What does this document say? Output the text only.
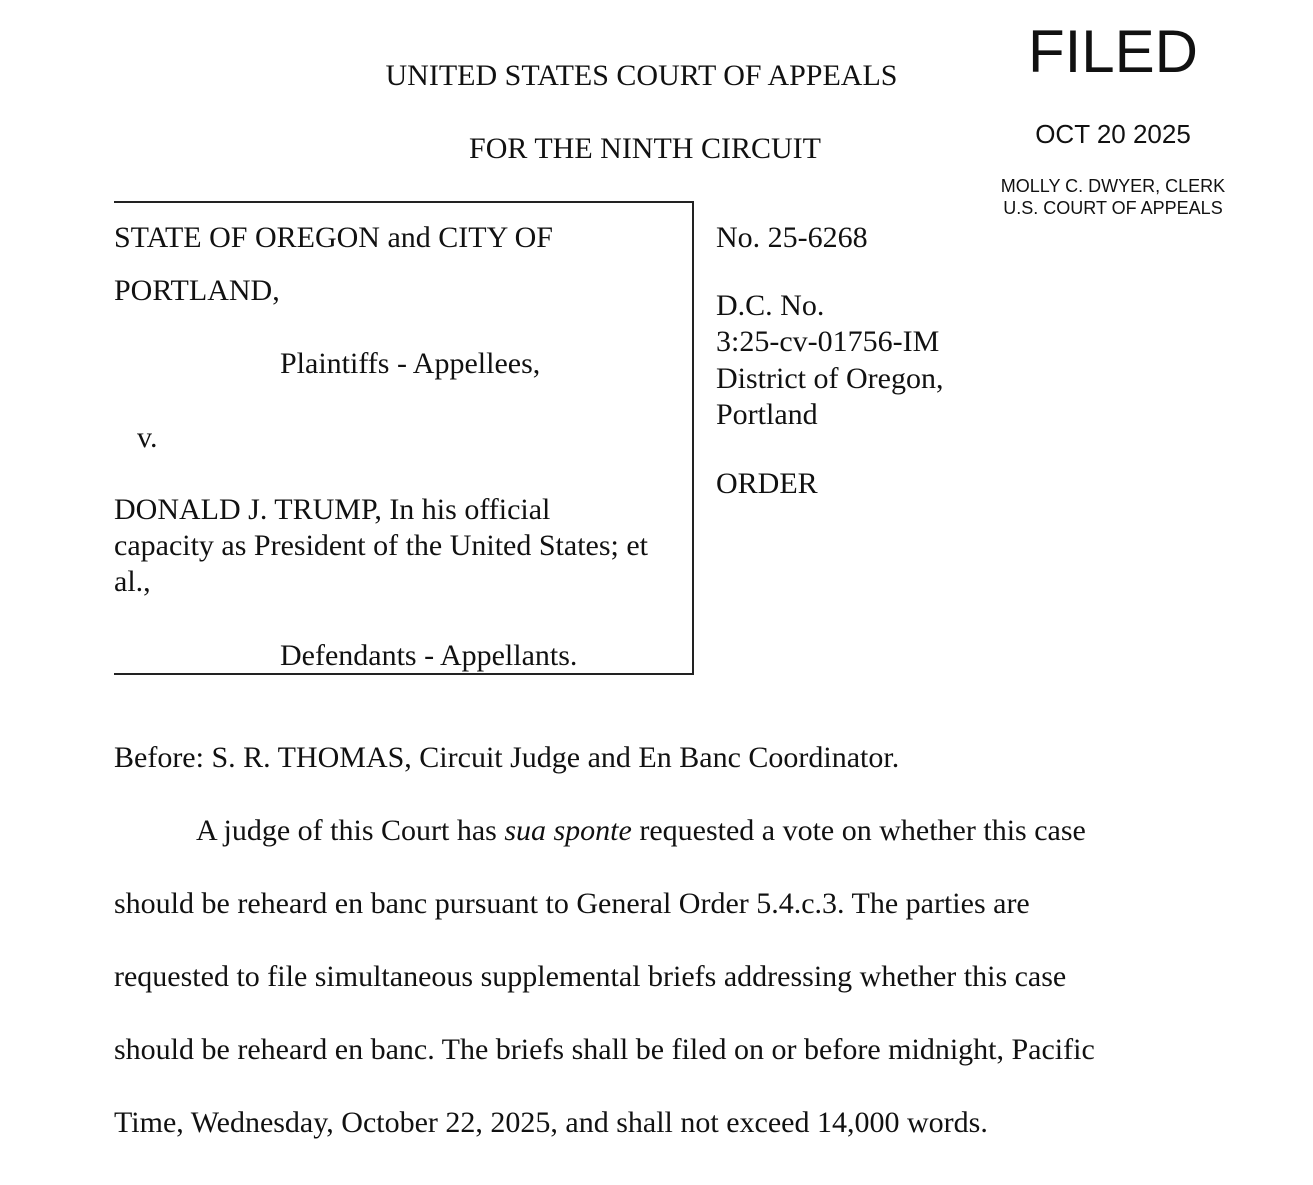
UNITED STATES COURT OF APPEALS
FOR THE NINTH CIRCUIT
FILED
OCT 20 2025
MOLLY C. DWYER, CLERK
U.S. COURT OF APPEALS
STATE OF OREGON and CITY OF
PORTLAND,
Plaintiffs - Appellees,
v.
DONALD J. TRUMP, In his official
capacity as President of the United States; et
al.,
Defendants - Appellants.
No. 25-6268
D.C. No.
3:25-cv-01756-IM
District of Oregon,
Portland
ORDER
Before: S. R. THOMAS, Circuit Judge and En Banc Coordinator.
A judge of this Court has sua sponte requested a vote on whether this case
should be reheard en banc pursuant to General Order 5.4.c.3. The parties are
requested to file simultaneous supplemental briefs addressing whether this case
should be reheard en banc. The briefs shall be filed on or before midnight, Pacific
Time, Wednesday, October 22, 2025, and shall not exceed 14,000 words.
